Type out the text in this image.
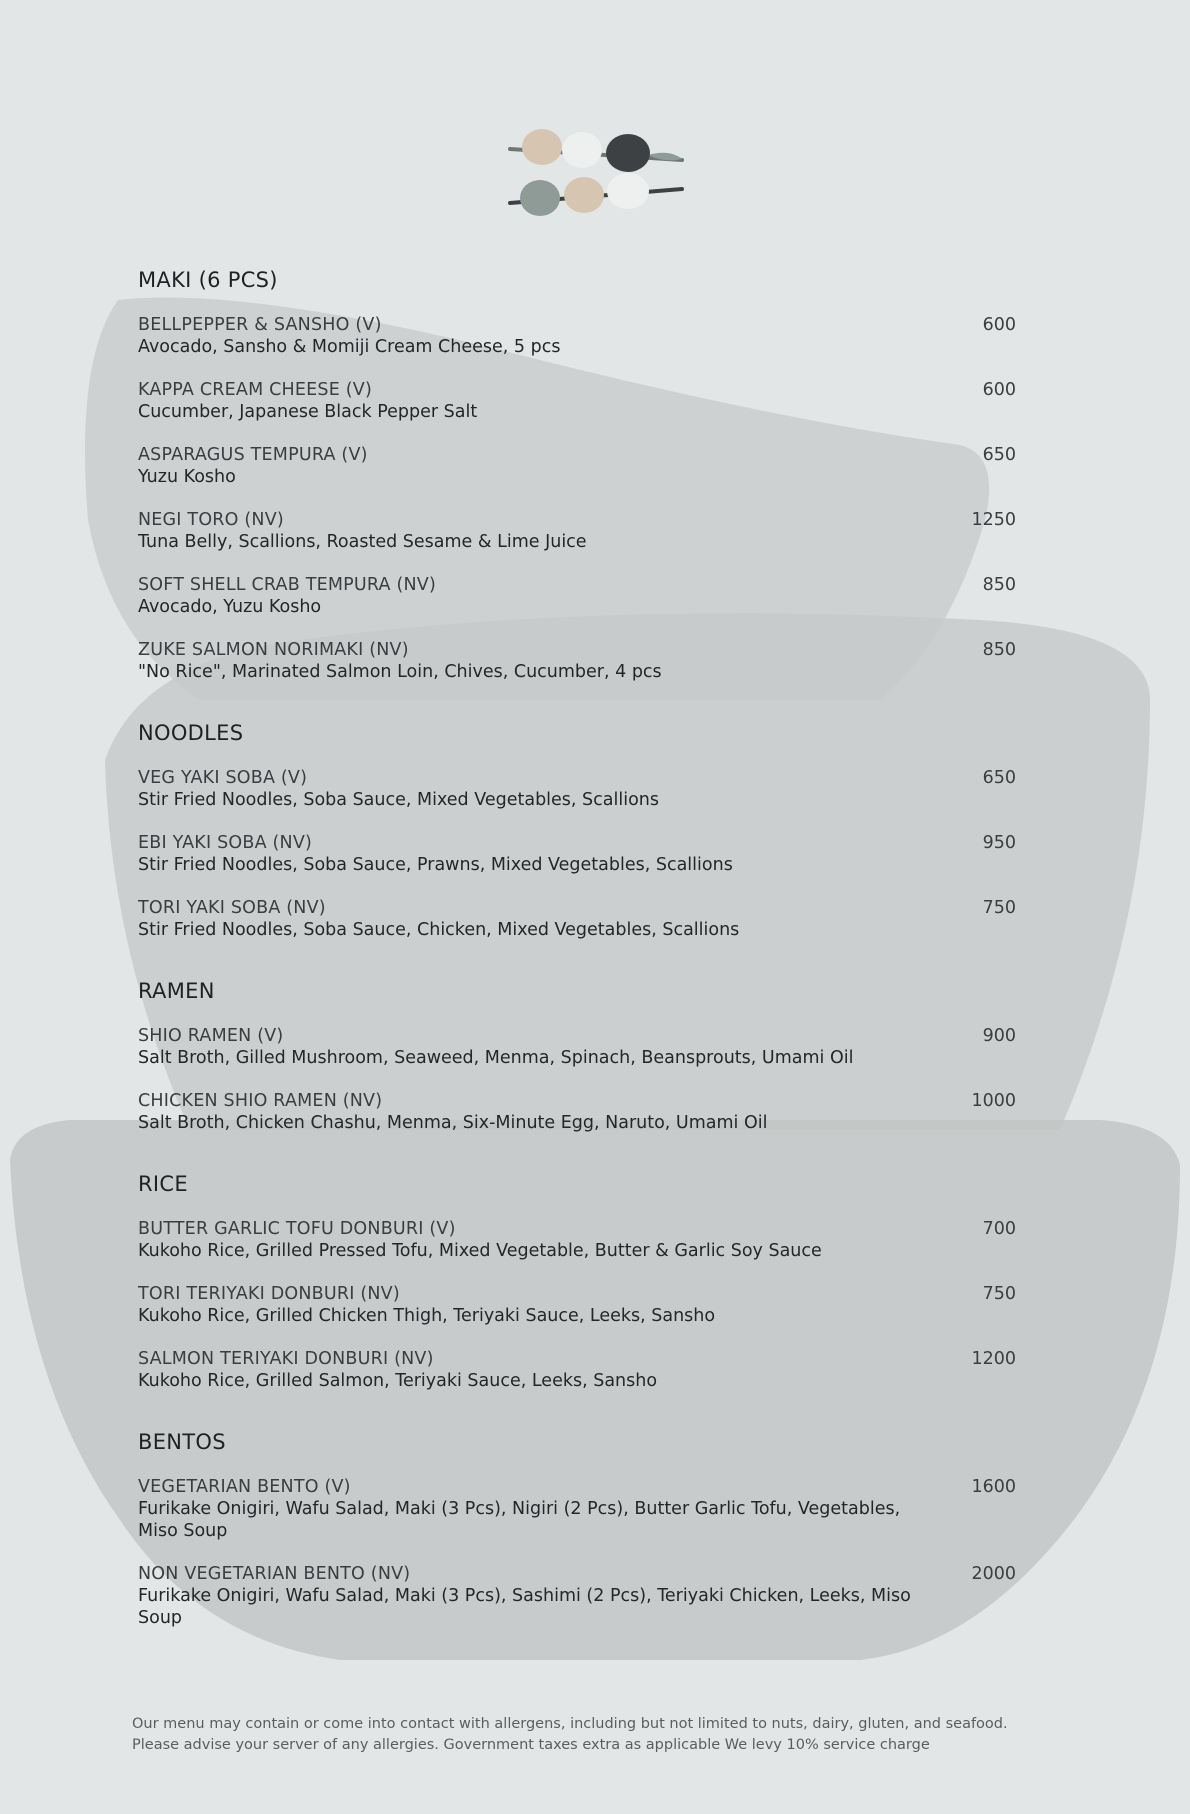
MAKI (6 PCS)
BELLPEPPER & SANSHO (V)
Avocado, Sansho & Momiji Cream Cheese, 5 pcs
600
KAPPA CREAM CHEESE (V)
Cucumber, Japanese Black Pepper Salt
600
ASPARAGUS TEMPURA (V)
Yuzu Kosho
650
NEGI TORO (NV)
Tuna Belly, Scallions, Roasted Sesame & Lime Juice
1250
SOFT SHELL CRAB TEMPURA (NV)
Avocado, Yuzu Kosho
850
ZUKE SALMON NORIMAKI (NV)
"No Rice", Marinated Salmon Loin, Chives, Cucumber, 4 pcs
850
NOODLES
VEG YAKI SOBA (V)
Stir Fried Noodles, Soba Sauce, Mixed Vegetables, Scallions
650
EBI YAKI SOBA (NV)
Stir Fried Noodles, Soba Sauce, Prawns, Mixed Vegetables, Scallions
950
TORI YAKI SOBA (NV)
Stir Fried Noodles, Soba Sauce, Chicken, Mixed Vegetables, Scallions
750
RAMEN
SHIO RAMEN (V)
Salt Broth, Gilled Mushroom, Seaweed, Menma, Spinach, Beansprouts, Umami Oil
900
CHICKEN SHIO RAMEN (NV)
Salt Broth, Chicken Chashu, Menma, Six-Minute Egg, Naruto, Umami Oil
1000
RICE
BUTTER GARLIC TOFU DONBURI (V)
Kukoho Rice, Grilled Pressed Tofu, Mixed Vegetable, Butter & Garlic Soy Sauce
700
TORI TERIYAKI DONBURI (NV)
Kukoho Rice, Grilled Chicken Thigh, Teriyaki Sauce, Leeks, Sansho
750
SALMON TERIYAKI DONBURI (NV)
Kukoho Rice, Grilled Salmon, Teriyaki Sauce, Leeks, Sansho
1200
BENTOS
VEGETARIAN BENTO (V)
Furikake Onigiri, Wafu Salad, Maki (3 Pcs), Nigiri (2 Pcs), Butter Garlic Tofu, Vegetables, Miso Soup
1600
NON VEGETARIAN BENTO (NV)
Furikake Onigiri, Wafu Salad, Maki (3 Pcs), Sashimi (2 Pcs), Teriyaki Chicken, Leeks, Miso Soup
2000
Our menu may contain or come into contact with allergens, including but not limited to nuts, dairy, gluten, and seafood.
Please advise your server of any allergies. Government taxes extra as applicable We levy 10% service charge
